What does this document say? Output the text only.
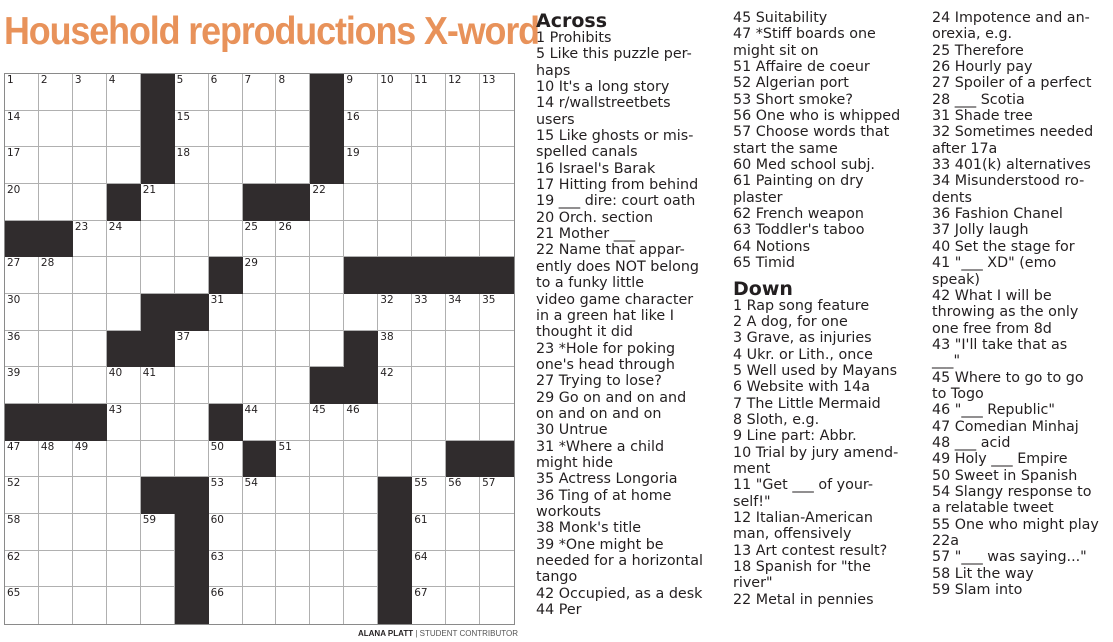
Household reproductions X-word
1	2	3	4	5	6	7	8	9	10 11 12 13
14	15	16
17	18	19
20	21	22
23 24	25 26
27 28	29
30	31	32 33 34 35
36	37	38
39	40 41	42
43	44	45 46
47 48 49	50	51
52	53 54	55 56 57
58	59	60	61
62	63	64
65	66	67
ALANA PLATT | STUDENT CONTRIBUTOR
Across
1 Prohibits
5 Like this puzzle per-
haps
10 It's a long story
14 r/wallstreetbets
users
15 Like ghosts or mis-
spelled canals
16 Israel's Barak
17 Hitting from behind
19 ___ dire: court oath
20 Orch. section
21 Mother ___
22 Name that appar-
ently does NOT belong
to a funky little
video game character
in a green hat like I
thought it did
23 *Hole for poking
one's head through
27 Trying to lose?
29 Go on and on and
on and on and on
30 Untrue
31 *Where a child
might hide
35 Actress Longoria
36 Ting of at home
workouts
38 Monk's title
39 *One might be
needed for a horizontal
tango
42 Occupied, as a desk
44 Per
45 Suitability
47 *Stiff boards one
might sit on
51 Affaire de coeur
52 Algerian port
53 Short smoke?
56 One who is whipped
57 Choose words that
start the same
60 Med school subj.
61 Painting on dry
plaster
62 French weapon
63 Toddler's taboo
64 Notions
65 Timid
Down
1 Rap song feature
2 A dog, for one
3 Grave, as injuries
4 Ukr. or Lith., once
5 Well used by Mayans
6 Website with 14a
7 The Little Mermaid
8 Sloth, e.g.
9 Line part: Abbr.
10 Trial by jury amend-
ment
11 "Get ___ of your-
self!"
12 Italian-American
man, offensively
13 Art contest result?
18 Spanish for "the
river"
22 Metal in pennies
24 Impotence and an-
orexia, e.g.
25 Therefore
26 Hourly pay
27 Spoiler of a perfect
28 ___ Scotia
31 Shade tree
32 Sometimes needed
after 17a
33 401(k) alternatives
34 Misunderstood ro-
dents
36 Fashion Chanel
37 Jolly laugh
40 Set the stage for
41 "___ XD" (emo
speak)
42 What I will be
throwing as the only
one free from 8d
43 "I'll take that as
___"
45 Where to go to go
to Togo
46 "___ Republic"
47 Comedian Minhaj
48 ___ acid
49 Holy ___ Empire
50 Sweet in Spanish
54 Slangy response to
a relatable tweet
55 One who might play
22a
57 "___ was saying..."
58 Lit the way
59 Slam into
